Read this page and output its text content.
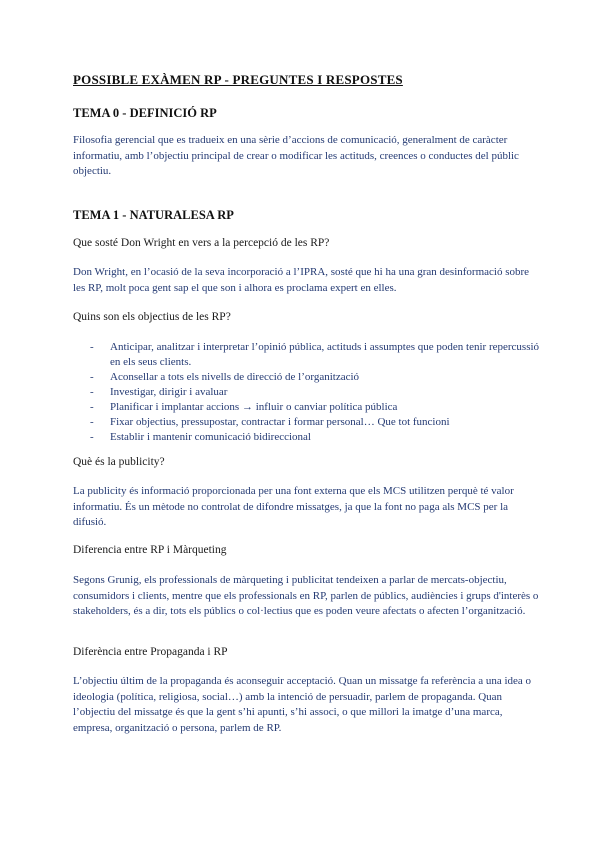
POSSIBLE EXÀMEN RP - PREGUNTES I RESPOSTES
TEMA 0 - DEFINICIÓ RP
Filosofia gerencial que es tradueix en una sèrie d’accions de comunicació, generalment de caràcter informatiu, amb l’objectiu principal de crear o modificar les actituds, creences o conductes del públic objectiu.
TEMA 1 - NATURALESA RP
Que sosté Don Wright en vers a la percepció de les RP?
Don Wright, en l’ocasió de la seva incorporació a l’IPRA, sosté que hi ha una gran desinformació sobre les RP, molt poca gent sap el que son i alhora es proclama expert en elles.
Quins son els objectius de les RP?
- Anticipar, analitzar i interpretar l’opinió pública, actituds i assumptes que poden tenir repercussió en els seus clients.
- Aconsellar a tots els nivells de direcció de l’organització
- Investigar, dirigir i avaluar
- Planificar i implantar accions → influir o canviar política pública
- Fixar objectius, pressupostar, contractar i formar personal… Que tot funcioni
- Establir i mantenir comunicació bidireccional
Què és la publicity?
La publicity és informació proporcionada per una font externa que els MCS utilitzen perquè té valor informatiu. És un mètode no controlat de difondre missatges, ja que la font no paga als MCS per la difusió.
Diferencia entre RP i Màrqueting
Segons Grunig, els professionals de màrqueting i publicitat tendeixen a parlar de mercats-objectiu, consumidors i clients, mentre que els professionals en RP, parlen de públics, audiències i grups d'interès o stakeholders, és a dir, tots els públics o col·lectius que es poden veure afectats o afecten l’organització.
Diferència entre Propaganda i RP
L’objectiu últim de la propaganda és aconseguir acceptació. Quan un missatge fa referència a una idea o ideologia (política, religiosa, social…) amb la intenció de persuadir, parlem de propaganda. Quan l’objectiu del missatge és que la gent s’hi apunti, s’hi associ, o que millori la imatge d’una marca, empresa, organització o persona, parlem de RP.
